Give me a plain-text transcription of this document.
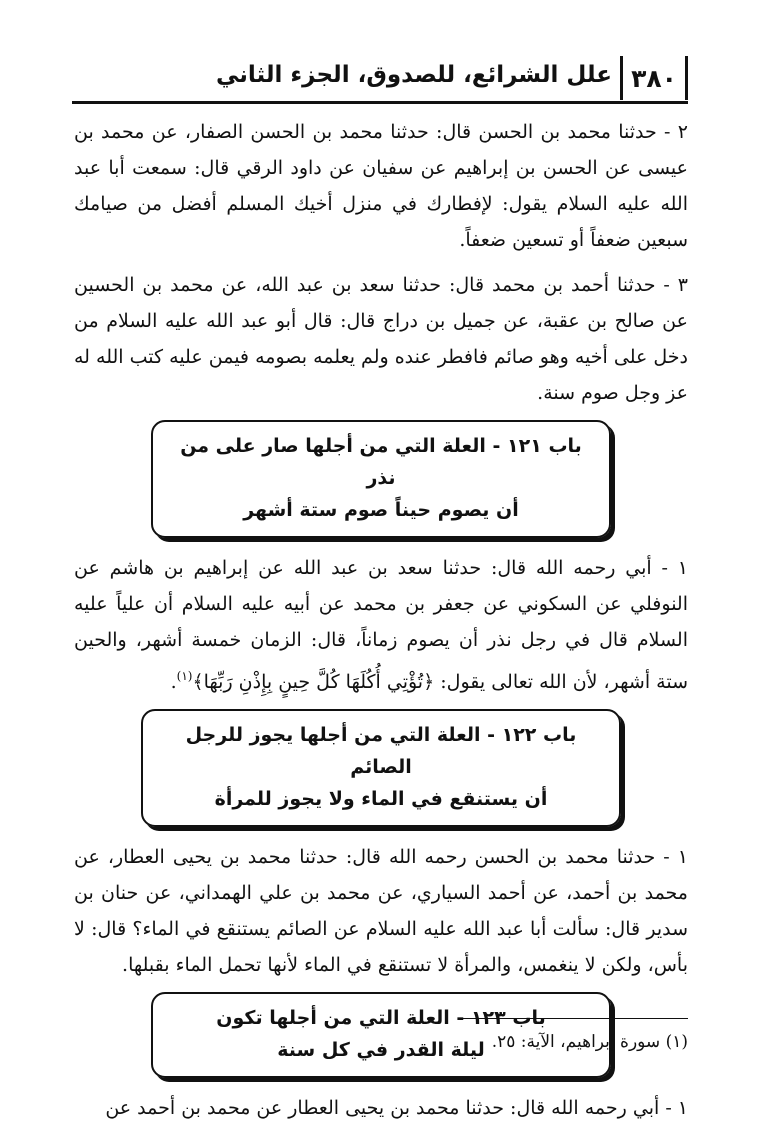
٣٨٠
علل الشرائع، للصدوق، الجزء الثاني

٢ - حدثنا محمد بن الحسن قال: حدثنا محمد بن الحسن الصفار، عن محمد بن عيسى عن الحسن بن إبراهيم عن سفيان عن داود الرقي قال: سمعت أبا عبد الله عليه السلام يقول: لإفطارك في منزل أخيك المسلم أفضل من صيامك سبعين ضعفاً أو تسعين ضعفاً.

٣ - حدثنا أحمد بن محمد قال: حدثنا سعد بن عبد الله، عن محمد بن الحسين عن صالح بن عقبة، عن جميل بن دراج قال: قال أبو عبد الله عليه السلام من دخل على أخيه وهو صائم فافطر عنده ولم يعلمه بصومه فيمن عليه كتب الله له عز وجل صوم سنة.

باب ١٢١ - العلة التي من أجلها صار على من نذر
أن يصوم حيناً صوم ستة أشهر

١ - أبي رحمه الله قال: حدثنا سعد بن عبد الله عن إبراهيم بن هاشم عن النوفلي عن السكوني عن جعفر بن محمد عن أبيه عليه السلام أن علياً عليه السلام قال في رجل نذر أن يصوم زماناً، قال: الزمان خمسة أشهر، والحين ستة أشهر، لأن الله تعالى يقول: ﴿تُؤْتِي أُكُلَهَا كُلَّ حِينٍ بِإِذْنِ رَبِّهَا﴾$^{(١)}$.

باب ١٢٢ - العلة التي من أجلها يجوز للرجل الصائم
أن يستنقع في الماء ولا يجوز للمرأة

١ - حدثنا محمد بن الحسن رحمه الله قال: حدثنا محمد بن يحيى العطار، عن محمد بن أحمد، عن أحمد السياري، عن محمد بن علي الهمداني، عن حنان بن سدير قال: سألت أبا عبد الله عليه السلام عن الصائم يستنقع في الماء؟ قال: لا بأس، ولكن لا ينغمس، والمرأة لا تستنقع في الماء لأنها تحمل الماء بقبلها.

باب ١٢٣ - العلة التي من أجلها تكون
ليلة القدر في كل سنة

١ - أبي رحمه الله قال: حدثنا محمد بن يحيى العطار عن محمد بن أحمد عن

(١) سورة إبراهيم، الآية: ٢٥.
